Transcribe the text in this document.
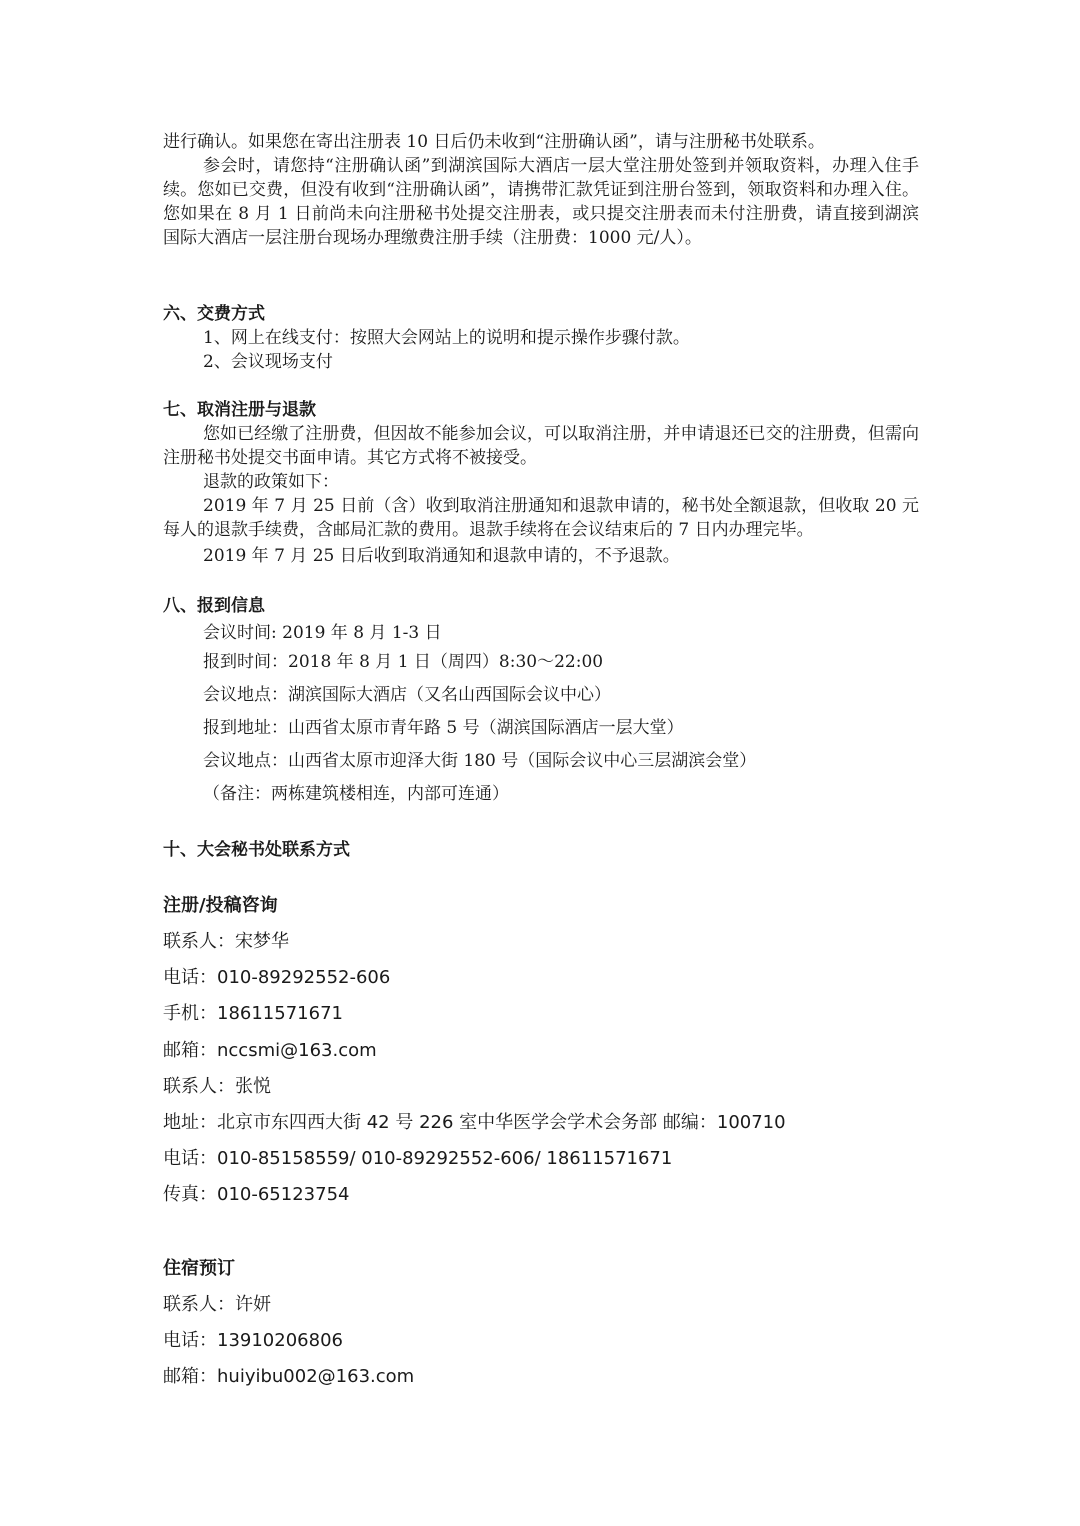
进行确认。如果您在寄出注册表 10 日后仍未收到“注册确认函”，请与注册秘书处联系。
参会时，请您持“注册确认函”到湖滨国际大酒店一层大堂注册处签到并领取资料，办理入住手续。您如已交费，但没有收到“注册确认函”，请携带汇款凭证到注册台签到，领取资料和办理入住。您如果在 8 月 1 日前尚未向注册秘书处提交注册表，或只提交注册表而未付注册费，请直接到湖滨国际大酒店一层注册台现场办理缴费注册手续（注册费：1000 元/人）。
六、交费方式
1、网上在线支付：按照大会网站上的说明和提示操作步骤付款。
2、会议现场支付
七、取消注册与退款
您如已经缴了注册费，但因故不能参加会议，可以取消注册，并申请退还已交的注册费，但需向注册秘书处提交书面申请。其它方式将不被接受。
退款的政策如下：
2019 年 7 月 25 日前（含）收到取消注册通知和退款申请的，秘书处全额退款，但收取 20 元每人的退款手续费，含邮局汇款的费用。退款手续将在会议结束后的 7 日内办理完毕。
2019 年 7 月 25 日后收到取消通知和退款申请的，不予退款。
八、报到信息
会议时间: 2019 年 8 月 1-3 日
报到时间：2018 年 8 月 1 日（周四）8:30～22:00
会议地点：湖滨国际大酒店（又名山西国际会议中心）
报到地址：山西省太原市青年路 5 号（湖滨国际酒店一层大堂）
会议地点：山西省太原市迎泽大街 180 号（国际会议中心三层湖滨会堂）
（备注：两栋建筑楼相连，内部可连通）
十、大会秘书处联系方式
注册/投稿咨询
联系人：宋梦华
电话：010-89292552-606
手机：18611571671
邮箱：nccsmi@163.com
联系人：张悦
地址：北京市东四西大街 42 号 226 室中华医学会学术会务部 邮编：100710
电话：010-85158559/ 010-89292552-606/ 18611571671
传真：010-65123754
住宿预订
联系人：许妍
电话：13910206806
邮箱：huiyibu002@163.com
